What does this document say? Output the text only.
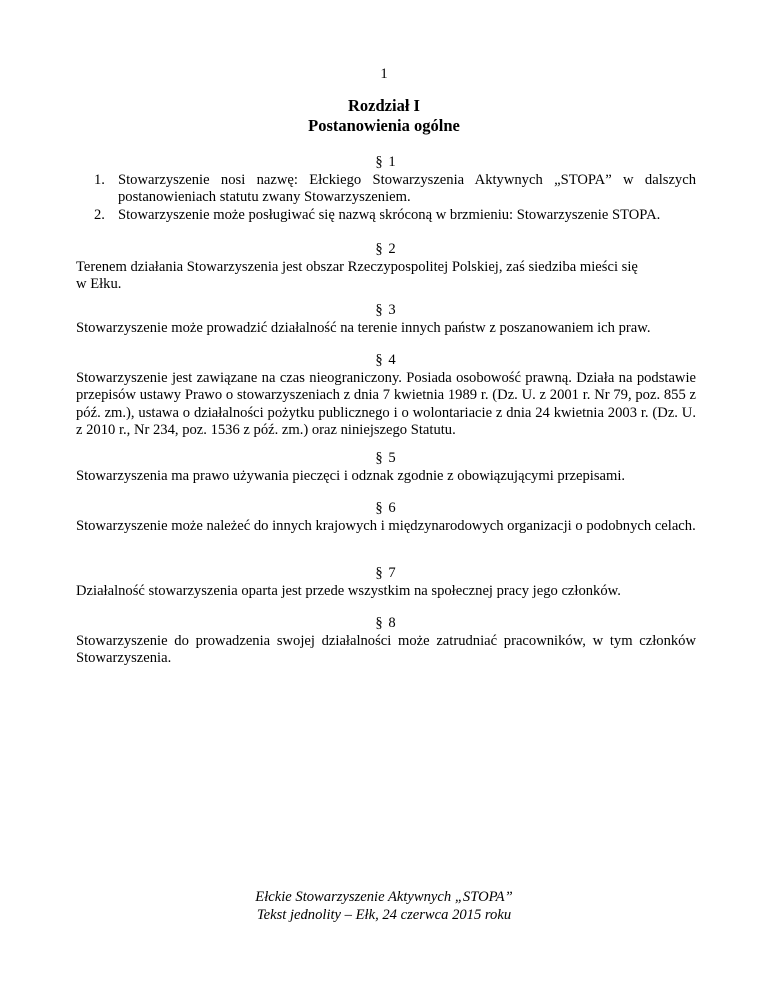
1
Rozdział I
Postanowienia ogólne
§ 1
1. Stowarzyszenie nosi nazwę: Ełckiego Stowarzyszenia Aktywnych „STOPA” w dalszych postanowieniach statutu zwany Stowarzyszeniem.
2. Stowarzyszenie może posługiwać się nazwą skróconą w brzmieniu: Stowarzyszenie STOPA.
§ 2
Terenem działania Stowarzyszenia jest obszar Rzeczypospolitej Polskiej, zaś siedziba mieści się
w Ełku.
§ 3
Stowarzyszenie może prowadzić działalność na terenie innych państw z poszanowaniem ich praw.
§ 4
Stowarzyszenie jest zawiązane na czas nieograniczony. Posiada osobowość prawną. Działa na podstawie przepisów ustawy Prawo o stowarzyszeniach z dnia 7 kwietnia 1989 r. (Dz. U. z 2001 r. Nr 79, poz. 855 z póź. zm.), ustawa o działalności pożytku publicznego i o wolontariacie z dnia 24 kwietnia 2003 r. (Dz. U. z 2010 r., Nr 234, poz. 1536 z póź. zm.) oraz niniejszego Statutu.
§ 5
Stowarzyszenia ma prawo używania pieczęci i odznak zgodnie z obowiązującymi przepisami.
§ 6
Stowarzyszenie może należeć do innych krajowych i międzynarodowych organizacji o podobnych celach.
§ 7
Działalność stowarzyszenia oparta jest przede wszystkim na społecznej pracy jego członków.
§ 8
Stowarzyszenie do prowadzenia swojej działalności może zatrudniać pracowników, w tym członków Stowarzyszenia.
Ełckie Stowarzyszenie Aktywnych „STOPA”
Tekst jednolity – Ełk, 24 czerwca 2015 roku
